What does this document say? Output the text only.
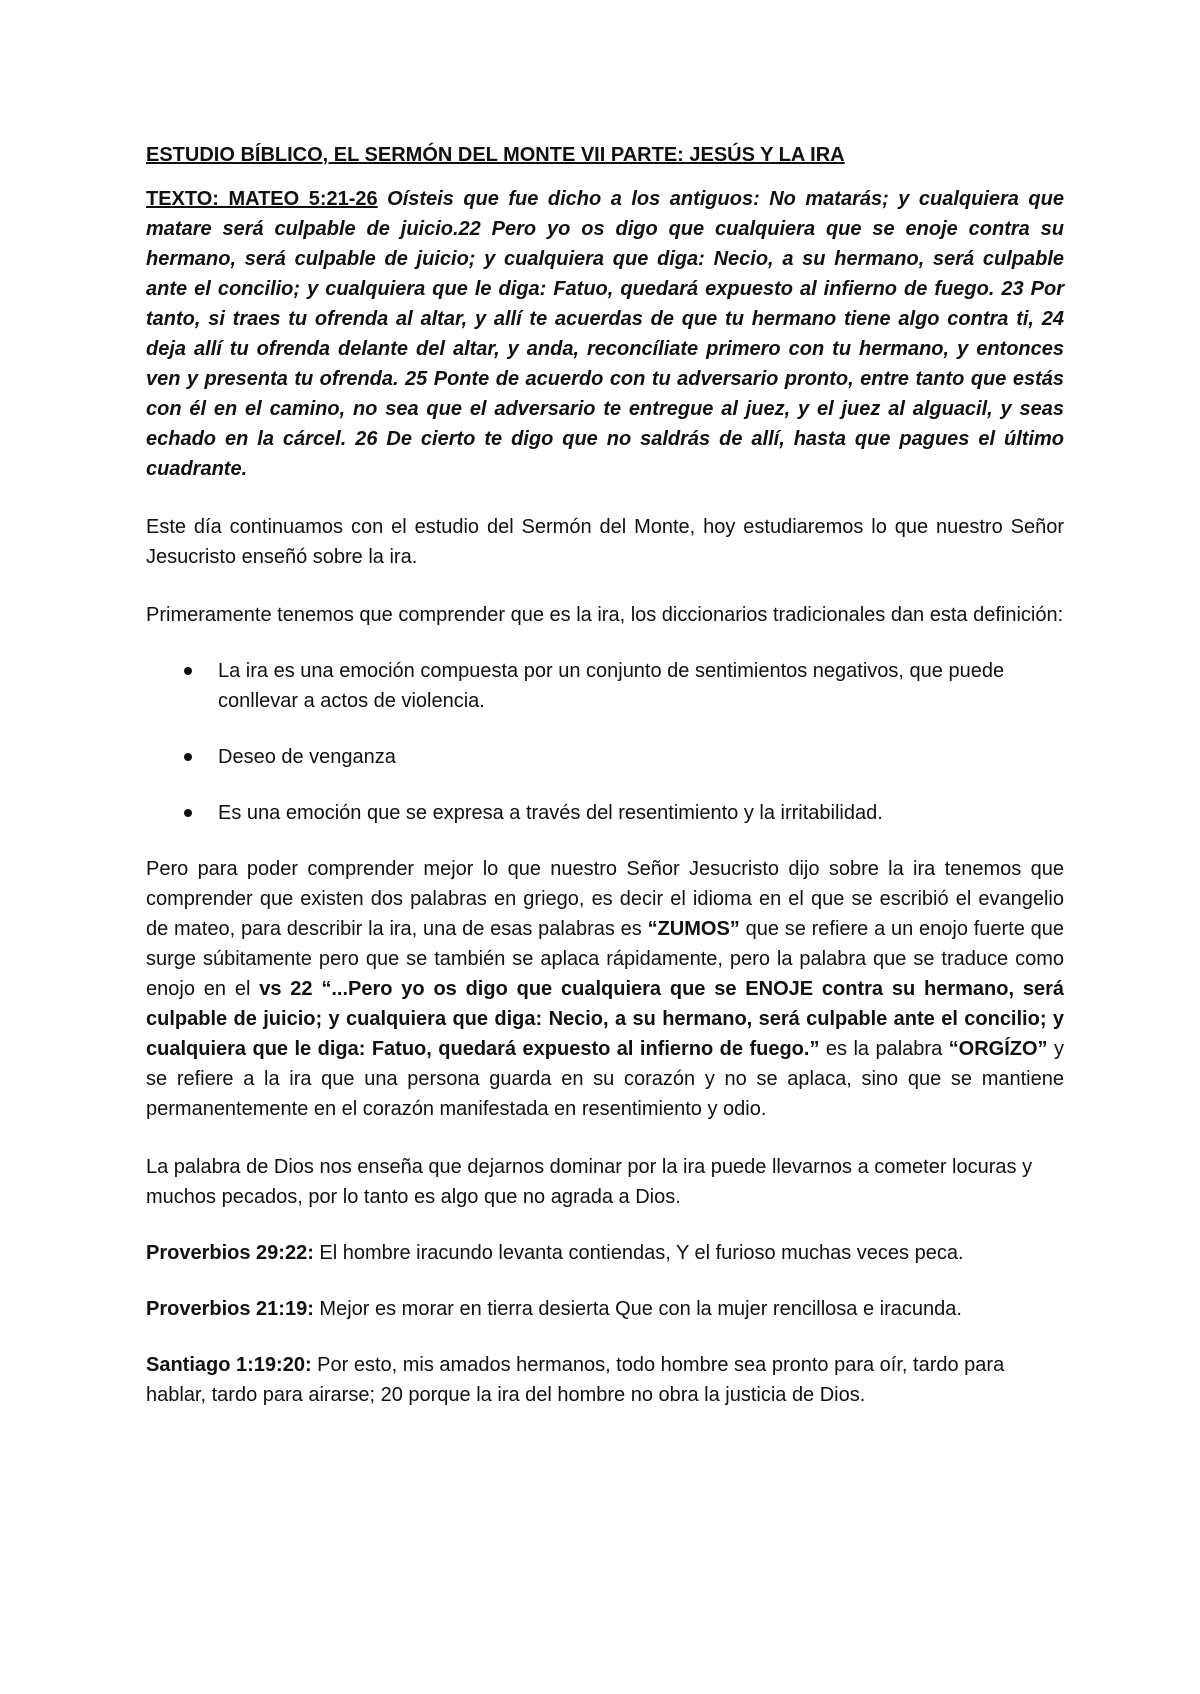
ESTUDIO BÍBLICO, EL SERMÓN DEL MONTE VII PARTE: JESÚS Y LA IRA

TEXTO: MATEO 5:21-26 Oísteis que fue dicho a los antiguos: No matarás; y cualquiera que matare será culpable de juicio.22 Pero yo os digo que cualquiera que se enoje contra su hermano, será culpable de juicio; y cualquiera que diga: Necio, a su hermano, será culpable ante el concilio; y cualquiera que le diga: Fatuo, quedará expuesto al infierno de fuego. 23 Por tanto, si traes tu ofrenda al altar, y allí te acuerdas de que tu hermano tiene algo contra ti, 24 deja allí tu ofrenda delante del altar, y anda, reconcíliate primero con tu hermano, y entonces ven y presenta tu ofrenda. 25 Ponte de acuerdo con tu adversario pronto, entre tanto que estás con él en el camino, no sea que el adversario te entregue al juez, y el juez al alguacil, y seas echado en la cárcel. 26 De cierto te digo que no saldrás de allí, hasta que pagues el último cuadrante.

Este día continuamos con el estudio del Sermón del Monte, hoy estudiaremos lo que nuestro Señor Jesucristo enseñó sobre la ira.

Primeramente tenemos que comprender que es la ira, los diccionarios tradicionales dan esta definición:

La ira es una emoción compuesta por un conjunto de sentimientos negativos, que puede conllevar a actos de violencia.
Deseo de venganza
Es una emoción que se expresa a través del resentimiento y la irritabilidad.

Pero para poder comprender mejor lo que nuestro Señor Jesucristo dijo sobre la ira tenemos que comprender que existen dos palabras en griego, es decir el idioma en el que se escribió el evangelio de mateo, para describir la ira, una de esas palabras es “ZUMOS” que se refiere a un enojo fuerte que surge súbitamente pero que se también se aplaca rápidamente, pero la palabra que se traduce como enojo en el vs 22 “...Pero yo os digo que cualquiera que se ENOJE contra su hermano, será culpable de juicio; y cualquiera que diga: Necio, a su hermano, será culpable ante el concilio; y cualquiera que le diga: Fatuo, quedará expuesto al infierno de fuego.” es la palabra “ORGÍZO” y se refiere a la ira que una persona guarda en su corazón y no se aplaca, sino que se mantiene permanentemente en el corazón manifestada en resentimiento y odio.

La palabra de Dios nos enseña que dejarnos dominar por la ira puede llevarnos a cometer locuras y muchos pecados, por lo tanto es algo que no agrada a Dios.

Proverbios 29:22: El hombre iracundo levanta contiendas, Y el furioso muchas veces peca.

Proverbios 21:19: Mejor es morar en tierra desierta Que con la mujer rencillosa e iracunda.

Santiago 1:19:20: Por esto, mis amados hermanos, todo hombre sea pronto para oír, tardo para hablar, tardo para airarse; 20 porque la ira del hombre no obra la justicia de Dios.
